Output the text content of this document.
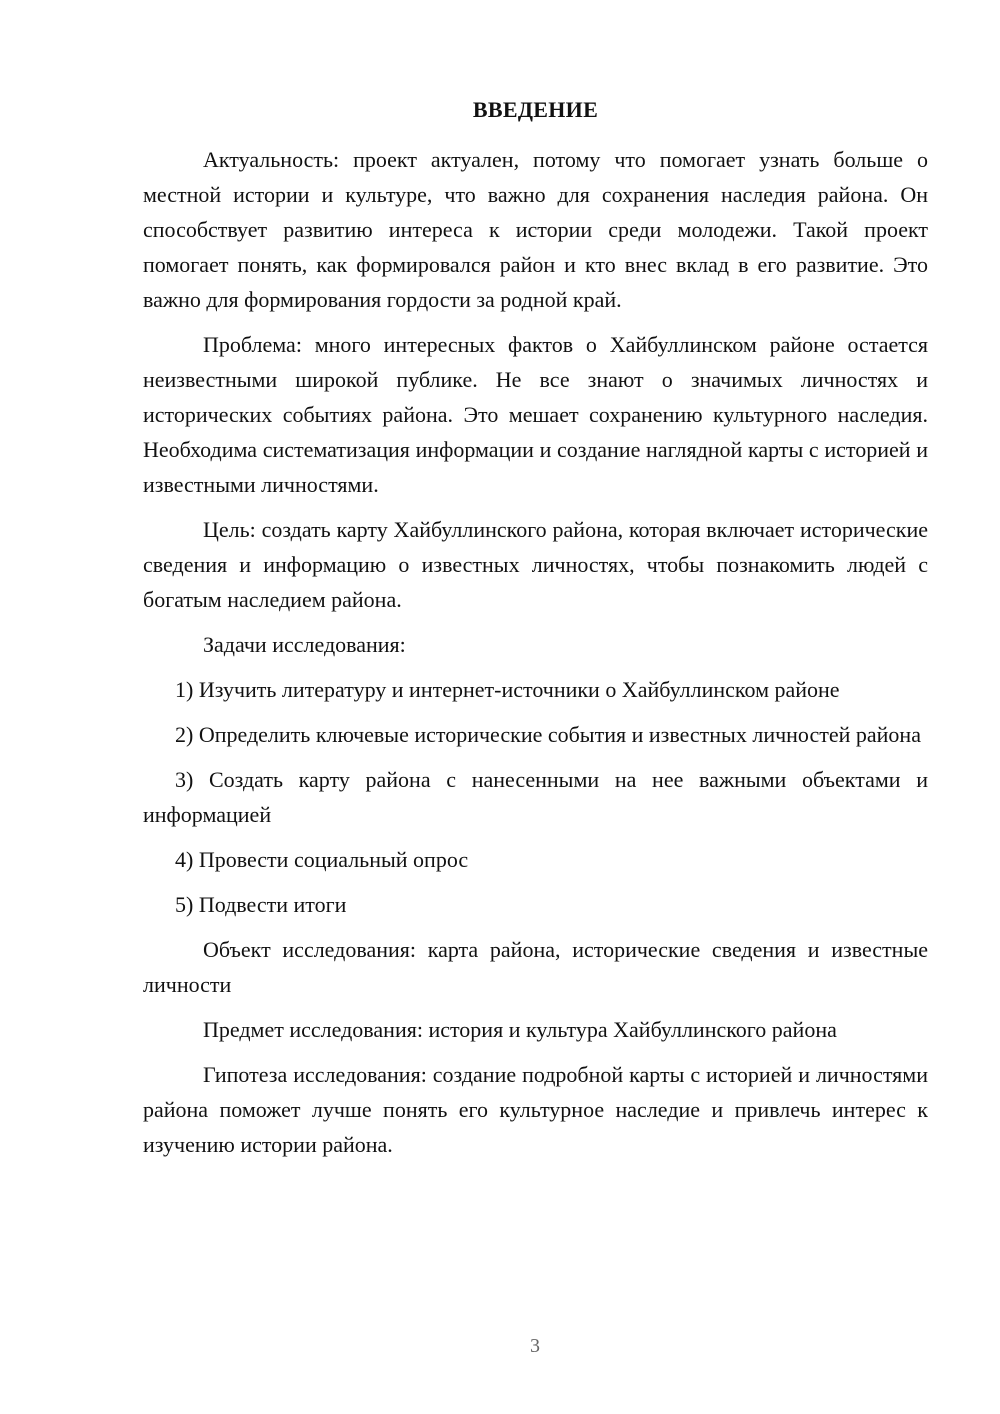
ВВЕДЕНИЕ

Актуальность: проект актуален, потому что помогает узнать больше о местной истории и культуре, что важно для сохранения наследия района. Он способствует развитию интереса к истории среди молодежи. Такой проект помогает понять, как формировался район и кто внес вклад в его развитие. Это важно для формирования гордости за родной край.

Проблема: много интересных фактов о Хайбуллинском районе остается неизвестными широкой публике. Не все знают о значимых личностях и исторических событиях района. Это мешает сохранению культурного наследия. Необходима систематизация информации и создание наглядной карты с историей и известными личностями.

Цель: создать карту Хайбуллинского района, которая включает исторические сведения и информацию о известных личностях, чтобы познакомить людей с богатым наследием района.

Задачи исследования:

1) Изучить литературу и интернет-источники о Хайбуллинском районе

2) Определить ключевые исторические события и известных личностей района

3) Создать карту района с нанесенными на нее важными объектами и информацией

4) Провести социальный опрос

5) Подвести итоги

Объект исследования: карта района, исторические сведения и известные личности

Предмет исследования: история и культура Хайбуллинского района

Гипотеза исследования: создание подробной карты с историей и личностями района поможет лучше понять его культурное наследие и привлечь интерес к изучению истории района.

3
